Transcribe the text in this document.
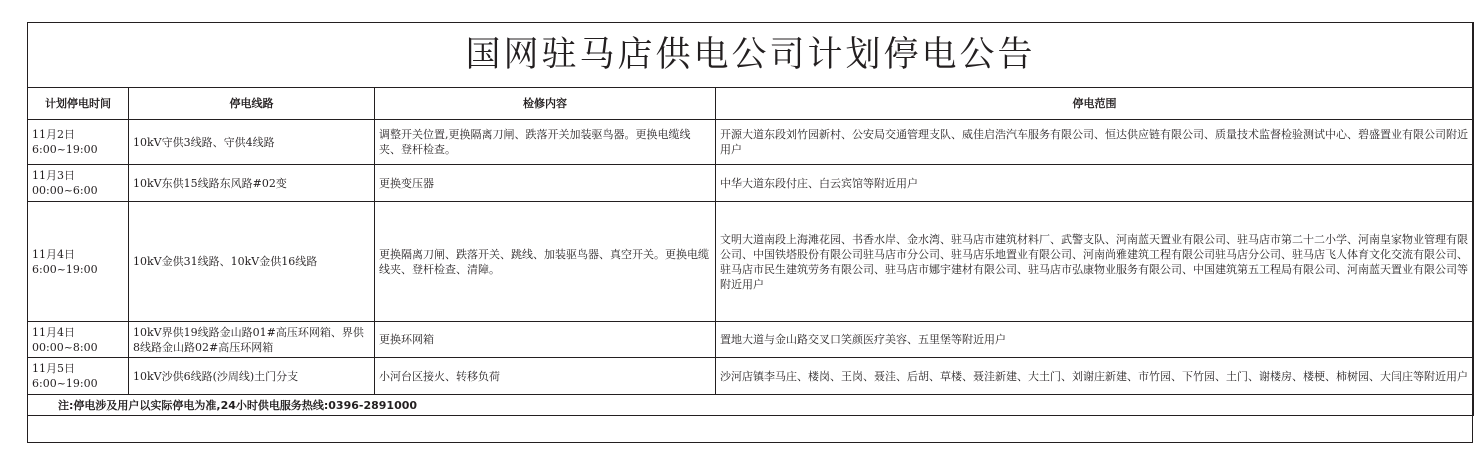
国网驻马店供电公司计划停电公告			
计划停电时间	停电线路	检修内容	停电范围

11月2日
6:00~19:00	10kV守供3线路、守供4线路	调整开关位置,更换隔离刀闸、跌落开关加装驱鸟器。更换电缆线夹、登杆检查。	开源大道东段刘竹园新村、公安局交通管理支队、威佳启浩汽车服务有限公司、恒达供应链有限公司、质量技术监督检验测试中心、碧盛置业有限公司附近用户

11月3日
00:00~6:00	10kV东供15线路东风路#02变	更换变压器	中华大道东段付庄、白云宾馆等附近用户

11月4日
6:00~19:00	10kV金供31线路、10kV金供16线路	更换隔离刀闸、跌落开关、跳线、加装驱鸟器、真空开关。更换电缆线夹、登杆检查、清障。	文明大道南段上海滩花园、书香水岸、金水湾、驻马店市建筑材料厂、武警支队、河南蓝天置业有限公司、驻马店市第二十二小学、河南皇家物业管理有限公司、中国铁塔股份有限公司驻马店市分公司、驻马店乐地置业有限公司、河南尚雅建筑工程有限公司驻马店分公司、驻马店飞人体育文化交流有限公司、驻马店市民生建筑劳务有限公司、驻马店市娜宇建材有限公司、驻马店市弘康物业服务有限公司、中国建筑第五工程局有限公司、河南蓝天置业有限公司等附近用户

11月4日
00:00~8:00	10kV界供19线路金山路01#高压环网箱、界供8线路金山路02#高压环网箱	更换环网箱	置地大道与金山路交叉口笑颜医疗美容、五里堡等附近用户

11月5日
6:00~19:00	10kV沙供6线路(沙周线)土门分支	小河台区接火、转移负荷	沙河店镇李马庄、楼岗、王岗、聂洼、后胡、草楼、聂洼新建、大土门、刘谢庄新建、市竹园、下竹园、土门、谢楼房、楼梗、柿树园、大闫庄等附近用户
注:停电涉及用户以实际停电为准,24小时供电服务热线:0396-2891000			
